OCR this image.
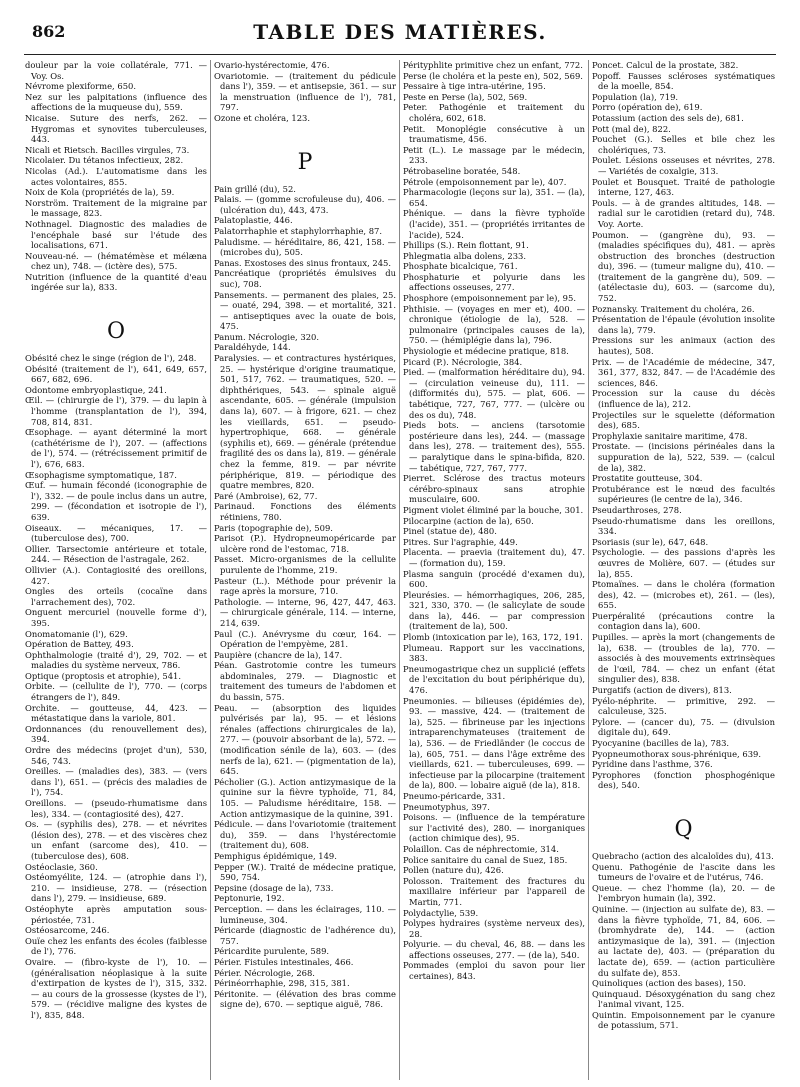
862	TABLE DES MATIÈRES.

douleur par la voie collatérale, 771. — Voy. Os.

Névrome plexiforme, 650.

Nez sur les palpitations (influence des affections de la muqueuse du), 559.

Nicaise. Suture des nerfs, 262. — Hygromas et synovites tuberculeuses, 443.

Nicali et Rietsch. Bacilles virgules, 73.

Nicolaier. Du tétanos infectieux, 282.

Nicolas (Ad.). L'automatisme dans les actes volontaires, 855.

Noix de Kola (propriétés de la), 59.

Norström. Traitement de la migraine par le massage, 823.

Nothnagel. Diagnostic des maladies de l'encéphale basé sur l'étude des localisations, 671.

Nouveau-né. — (hématémèse et mélæna chez un), 748. — (ictère des), 575.

Nutrition (influence de la quantité d'eau ingérée sur la), 833.

O

Obésité chez le singe (région de l'), 248.

Obésité (traitement de l'), 641, 649, 657, 667, 682, 696.

Odontome embryoplastique, 241.

Œil. — (chirurgie de l'), 379. — du lapin à l'homme (transplantation de l'), 394, 708, 814, 831.

Œsophage. — ayant déterminé la mort (cathétérisme de l'), 207. — (affections de l'), 574. — (rétrécissement primitif de l'), 676, 683.

Œsophagisme symptomatique, 187.

Œuf. — humain fécondé (iconographie de l'), 332. — de poule inclus dans un autre, 299. — (fécondation et isotropie de l'), 639.

Oiseaux. — mécaniques, 17. — (tuberculose des), 700.

Ollier. Tarsectomie antérieure et totale, 244. — Résection de l'astragale, 262.

Ollivier (A.). Contagiosité des oreillons, 427.

Ongles des orteils (cocaïne dans l'arrachement des), 702.

Onguent mercuriel (nouvelle forme d'), 395.

Onomatomanie (l'), 629.

Opération de Battey, 493.

Ophthalmologie (traité d'), 29, 702. — et maladies du système nerveux, 786.

Optique (proptosis et atrophie), 541.

Orbite. — (cellulite de l'), 770. — (corps étrangers de l'), 849.

Orchite. — goutteuse, 44, 423. — métastatique dans la variole, 801.

Ordonnances (du renouvellement des), 394.

Ordre des médecins (projet d'un), 530, 546, 743.

Oreilles. — (maladies des), 383. — (vers dans l'), 651. — (précis des maladies de l'), 754.

Oreillons. — (pseudo-rhumatisme dans les), 334. — (contagiosité des), 427.

Os. — (syphilis des), 278. — et névrites (lésion des), 278. — et des viscères chez un enfant (sarcome des), 410. — (tuberculose des), 608.

Ostéoclasie, 360.

Ostéomyélite, 124. — (atrophie dans l'), 210. — insidieuse, 278. — (résection dans l'), 279. — insidieuse, 689.

Ostéophyte après amputation sous-périostée, 731.

Ostéosarcome, 246.

Ouïe chez les enfants des écoles (faiblesse de l'), 776.

Ovaire. — (fibro-kyste de l'), 10. — (généralisation néoplasique à la suite d'extirpation de kystes de l'), 315, 332. — au cours de la grossesse (kystes de l'), 579. — (récidive maligne des kystes de l'), 835, 848.

Ovario-hystérectomie, 476.

Ovariotomie. — (traitement du pédicule dans l'), 359. — et antisepsie, 361. — sur la menstruation (influence de l'), 781, 797.

Ozone et choléra, 123.

P

Pain grillé (du), 52.

Palais. — (gomme scrofuleuse du), 406. — (ulcération du), 443, 473.

Palatoplastie, 446.

Palatorrhaphie et staphylorrhaphie, 87.

Paludisme. — héréditaire, 86, 421, 158. — (microbes du), 505.

Panas. Exostoses des sinus frontaux, 245.

Pancréatique (propriétés émulsives du suc), 708.

Pansements. — permanent des plaies, 25. — ouaté, 294, 398. — et mortalité, 321. — antiseptiques avec la ouate de bois, 475.

Panum. Nécrologie, 320.

Paraldéhyde, 144.

Paralysies. — et contractures hystériques, 25. — hystérique d'origine traumatique, 501, 517, 762. — traumatiques, 520. — diphthériques, 543. — spinale aiguë ascendante, 605. — générale (impulsion dans la), 607. — à frigore, 621. — chez les vieillards, 651. — pseudo-hypertrophique, 668. — générale (syphilis et), 669. — générale (prétendue fragilité des os dans la), 819. — générale chez la femme, 819. — par névrite périphérique, 819. — périodique des quatre membres, 820.

Paré (Ambroise), 62, 77.

Parinaud. Fonctions des éléments rétiniens, 780.

Paris (topographie de), 509.

Parisot (P.). Hydropneumopéricarde par ulcère rond de l'estomac, 718.

Passet. Micro-organismes de la cellulite purulente de l'homme, 219.

Pasteur (L.). Méthode pour prévenir la rage après la morsure, 710.

Pathologie. — interne, 96, 427, 447, 463. — chirurgicale générale, 114. — interne, 214, 639.

Paul (C.). Anévrysme du cœur, 164. — Opération de l'empyème, 281.

Paupière (chancre de la), 147.

Péan. Gastrotomie contre les tumeurs abdominales, 279. — Diagnostic et traitement des tumeurs de l'abdomen et du bassin, 575.

Peau. — (absorption des liquides pulvérisés par la), 95. — et lésions rénales (affections chirurgicales de la), 277. — (pouvoir absorbant de la), 572. — (modification sénile de la), 603. — (des nerfs de la), 621. — (pigmentation de la), 645.

Pécholier (G.). Action antizymasique de la quinine sur la fièvre typhoïde, 71, 84, 105. — Paludisme héréditaire, 158. — Action antizymasique de la quinine, 391.

Pédicule. — dans l'ovariotomie (traitement du), 359. — dans l'hystérectomie (traitement du), 608.

Pemphigus épidémique, 149.

Pepper (W.). Traité de médecine pratique, 590, 754.

Pepsine (dosage de la), 733.

Peptonurie, 192.

Perception. — dans les éclairages, 110. — lumineuse, 304.

Péricarde (diagnostic de l'adhérence du), 757.

Péricardite purulente, 589.

Périer. Fistules intestinales, 466.

Périer. Nécrologie, 268.

Périnéorrhaphie, 298, 315, 381.

Péritonite. — (élévation des bras comme signe de), 670. — septique aiguë, 786.

Pérityphlite primitive chez un enfant, 772.

Perse (le choléra et la peste en), 502, 569.

Pessaire à tige intra-utérine, 195.

Peste en Perse (la), 502, 569.

Peter. Pathogénie et traitement du choléra, 602, 618.

Petit. Monoplégie consécutive à un traumatisme, 456.

Petit (L.). Le massage par le médecin, 233.

Pétrobaseline boratée, 548.

Pétrole (empoisonnement par le), 407.

Pharmacologie (leçons sur la), 351. — (la), 654.

Phénique. — dans la fièvre typhoïde (l'acide), 351. — (propriétés irritantes de l'acide), 524.

Phillips (S.). Rein flottant, 91.

Phlegmatia alba dolens, 233.

Phosphate bicalcique, 761.

Phosphaturie et polyurie dans les affections osseuses, 277.

Phosphore (empoisonnement par le), 95.

Phthisie. — (voyages en mer et), 400. — chronique (étiologie de la), 528. — pulmonaire (principales causes de la), 750. — (hémiplégie dans la), 796.

Physiologie et médecine pratique, 818.

Picard (P.). Nécrologie, 384.

Pied. — (malformation héréditaire du), 94. — (circulation veineuse du), 111. — (difformités du), 575. — plat, 606. — tabétique, 727, 767, 777. — (ulcère ou des os du), 748.

Pieds bots. — anciens (tarsotomie postérieure dans les), 244. — (massage dans les), 278. — traitement des), 555. — paralytique dans le spina-bifida, 820. — tabétique, 727, 767, 777.

Pierret. Sclérose des tractus moteurs cérébro-spinaux sans atrophie musculaire, 600.

Pigment violet éliminé par la bouche, 301.

Pilocarpine (action de la), 650.

Pinel (statue de), 480.

Pitres. Sur l'agraphie, 449.

Placenta. — praevia (traitement du), 47. — (formation du), 159.

Plasma sanguin (procédé d'examen du), 600.

Pleurésies. — hémorrhagiques, 206, 285, 321, 330, 370. — (le salicylate de soude dans la), 446. — par compression (traitement de la), 500.

Plomb (intoxication par le), 163, 172, 191.

Plumeau. Rapport sur les vaccinations, 383.

Pneumogastrique chez un supplicié (effets de l'excitation du bout périphérique du), 476.

Pneumonies. — bilieuses (épidémies de), 93. — massive, 424. — (traitement de la), 525. — fibrineuse par les injections intraparenchymateuses (traitement de la), 536. — de Friedländer (le coccus de la), 605, 751. — dans l'âge extrême des vieillards, 621. — tuberculeuses, 699. — infectieuse par la pilocarpine (traitement de la), 800. — lobaire aiguë (de la), 818.

Pneumo-péricarde, 331.

Pneumotyphus, 397.

Poisons. — (influence de la température sur l'activité des), 280. — inorganiques (action chimique des), 95.

Polaillon. Cas de néphrectomie, 314.

Police sanitaire du canal de Suez, 185.

Pollen (nature du), 426.

Polosson. Traitement des fractures du maxillaire inférieur par l'appareil de Martin, 771.

Polydactylie, 539.

Polypes hydraires (système nerveux des), 28.

Polyurie. — du cheval, 46, 88. — dans les affections osseuses, 277. — (de la), 540.

Pommades (emploi du savon pour lier certaines), 843.

Poncet. Calcul de la prostate, 382.

Popoff. Fausses scléroses systématiques de la moelle, 854.

Population (la), 719.

Porro (opération de), 619.

Potassium (action des sels de), 681.

Pott (mal de), 822.

Pouchet (G.). Selles et bile chez les cholériques, 73.

Poulet. Lésions osseuses et névrites, 278. — Variétés de coxalgie, 313.

Poulet et Bousquet. Traité de pathologie interne, 127, 463.

Pouls. — à de grandes altitudes, 148. — radial sur le carotidien (retard du), 748. Voy. Aorte.

Poumon. — (gangrène du), 93. — (maladies spécifiques du), 481. — après obstruction des bronches (destruction du), 396. — (tumeur maligne du), 410. — (traitement de la gangrène du), 509. — (atélectasie du), 603. — (sarcome du), 752.

Poznansky. Traitement du choléra, 26.

Présentation de l'épaule (évolution insolite dans la), 779.

Pressions sur les animaux (action des hautes), 508.

Prix. — de l'Académie de médecine, 347, 361, 377, 832, 847. — de l'Académie des sciences, 846.

Procession sur la cause du décès (influence de la), 212.

Projectiles sur le squelette (déformation des), 685.

Prophylaxie sanitaire maritime, 478.

Prostate. — (incisions périnéales dans la suppuration de la), 522, 539. — (calcul de la), 382.

Prostatite goutteuse, 304.

Protubérance est le nœud des facultés supérieures (le centre de la), 346.

Pseudarthroses, 278.

Pseudo-rhumatisme dans les oreillons, 334.

Psoriasis (sur le), 647, 648.

Psychologie. — des passions d'après les œuvres de Molière, 607. — (études sur la), 855.

Ptomaïnes. — dans le choléra (formation des), 42. — (microbes et), 261. — (les), 655.

Puerpéralité (précautions contre la contagion dans la), 600.

Pupilles. — après la mort (changements de la), 638. — (troubles de la), 770. — associés à des mouvements extrinsèques de l'œil, 784. — chez un enfant (état singulier des), 838.

Purgatifs (action de divers), 813.

Pyélo-néphrite. — primitive, 292. — calculeuse, 325.

Pylore. — (cancer du), 75. — (divulsion digitale du), 649.

Pyocyanine (bacilles de la), 783.

Pyopneumothorax sous-phrénique, 639.

Pyridine dans l'asthme, 376.

Pyrophores (fonction phosphogénique des), 540.

Q

Quebracho (action des alcaloïdes du), 413.

Quenu. Pathogénie de l'ascite dans les tumeurs de l'ovaire et de l'utérus, 746.

Queue. — chez l'homme (la), 20. — de l'embryon humain (la), 392.

Quinine. — (injection au sulfate de), 83. — dans la fièvre typhoïde, 71, 84, 606. — (bromhydrate de), 144. — (action antizymasique de la), 391. — (injection au lactate de), 403. — (préparation du lactate de), 659. — (action particulière du sulfate de), 853.

Quinoliques (action des bases), 150.

Quinquaud. Désoxygénation du sang chez l'animal vivant, 125.

Quintin. Empoisonnement par le cyanure de potassium, 571.
